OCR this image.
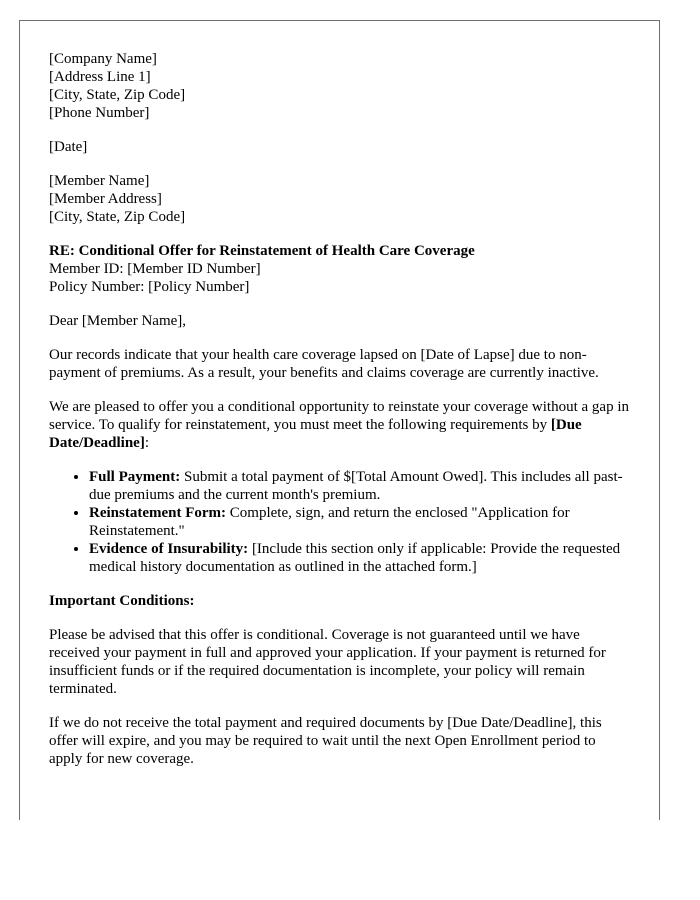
[Company Name]
[Address Line 1]
[City, State, Zip Code]
[Phone Number]
[Date]
[Member Name]
[Member Address]
[City, State, Zip Code]
RE: Conditional Offer for Reinstatement of Health Care Coverage
Member ID: [Member ID Number]
Policy Number: [Policy Number]

Dear [Member Name],

Our records indicate that your health care coverage lapsed on [Date of Lapse] due to non-payment of premiums. As a result, your benefits and claims coverage are currently inactive.

We are pleased to offer you a conditional opportunity to reinstate your coverage without a gap in service. To qualify for reinstatement, you must meet the following requirements by [Due Date/Deadline]:

• Full Payment: Submit a total payment of $[Total Amount Owed]. This includes all past-due premiums and the current month's premium.
• Reinstatement Form: Complete, sign, and return the enclosed "Application for Reinstatement."
• Evidence of Insurability: [Include this section only if applicable: Provide the requested medical history documentation as outlined in the attached form.]

Important Conditions:

Please be advised that this offer is conditional. Coverage is not guaranteed until we have received your payment in full and approved your application. If your payment is returned for insufficient funds or if the required documentation is incomplete, your policy will remain terminated.

If we do not receive the total payment and required documents by [Due Date/Deadline], this offer will expire, and you may be required to wait until the next Open Enrollment period to apply for new coverage.
